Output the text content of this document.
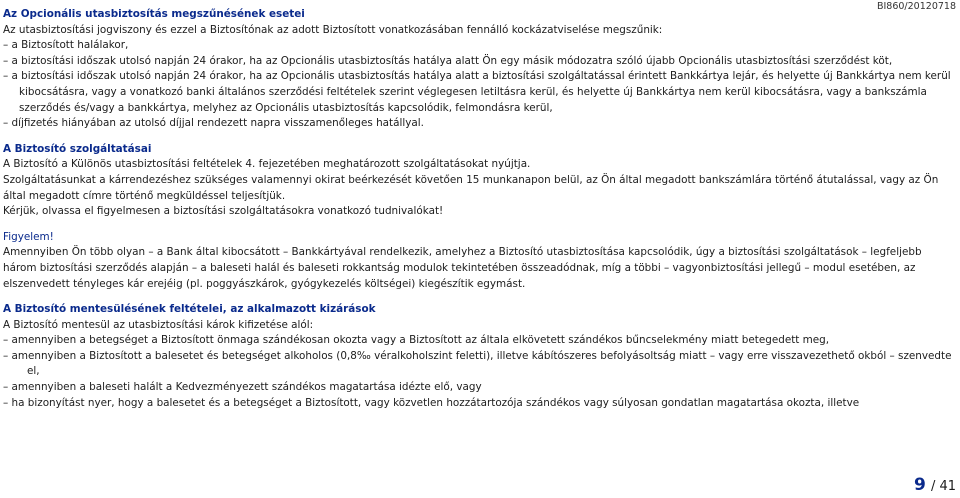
BI860/20120718

Az Opcionális utasbiztosítás megszűnésének esetei

Az utasbiztosítási jogviszony és ezzel a Biztosítónak az adott Biztosított vonatkozásában fennálló kockázatviselése megszűnik:

– a Biztosított halálakor,

– a biztosítási időszak utolsó napján 24 órakor, ha az Opcionális utasbiztosítás hatálya alatt Ön egy másik módozatra szóló újabb Opcionális utasbiztosítási szerződést köt,

– a biztosítási időszak utolsó napján 24 órakor, ha az Opcionális utasbiztosítás hatálya alatt a biztosítási szolgáltatással érintett Bankkártya lejár, és helyette új Bankkártya nem kerül kibocsátásra, vagy a vonatkozó banki általános szerződési feltételek szerint véglegesen letiltásra kerül, és helyette új Bankkártya nem kerül kibocsátásra, vagy a bankszámla szerződés és/vagy a bankkártya, melyhez az Opcionális utasbiztosítás kapcsolódik, felmondásra kerül,

– díjfizetés hiányában az utolsó díjjal rendezett napra visszamenőleges hatállyal.

A Biztosító szolgáltatásai

A Biztosító a Különös utasbiztosítási feltételek 4. fejezetében meghatározott szolgáltatásokat nyújtja.

Szolgáltatásunkat a kárrendezéshez szükséges valamennyi okirat beérkezését követően 15 munkanapon belül, az Ön által megadott bankszámlára történő átutalással, vagy az Ön által megadott címre történő megküldéssel teljesítjük.

Kérjük, olvassa el figyelmesen a biztosítási szolgáltatásokra vonatkozó tudnivalókat!

Figyelem!

Amennyiben Ön több olyan – a Bank által kibocsátott – Bankkártyával rendelkezik, amelyhez a Biztosító utasbiztosítása kapcsolódik, úgy a biztosítási szolgáltatások – legfeljebb három biztosítási szerződés alapján – a baleseti halál és baleseti rokkantság modulok tekintetében összeadódnak, míg a többi – vagyonbiztosítási jellegű – modul esetében, az elszenvedett tényleges kár erejéig (pl. poggyászkárok, gyógykezelés költségei) kiegészítik egymást.

A Biztosító mentesülésének feltételei, az alkalmazott kizárások

A Biztosító mentesül az utasbiztosítási károk kifizetése alól:

– amennyiben a betegséget a Biztosított önmaga szándékosan okozta vagy a Biztosított az általa elkövetett szándékos bűncselekmény miatt betegedett meg,

– amennyiben a Biztosított a balesetet és betegséget alkoholos (0,8‰ véralkoholszint feletti), illetve kábítószeres befolyásoltság miatt – vagy erre visszavezethető okból – szenvedte el,

– amennyiben a baleseti halált a Kedvezményezett szándékos magatartása idézte elő, vagy

– ha bizonyítást nyer, hogy a balesetet és a betegséget a Biztosított, vagy közvetlen hozzátartozója szándékos vagy súlyosan gondatlan magatartása okozta, illetve

9 / 41
